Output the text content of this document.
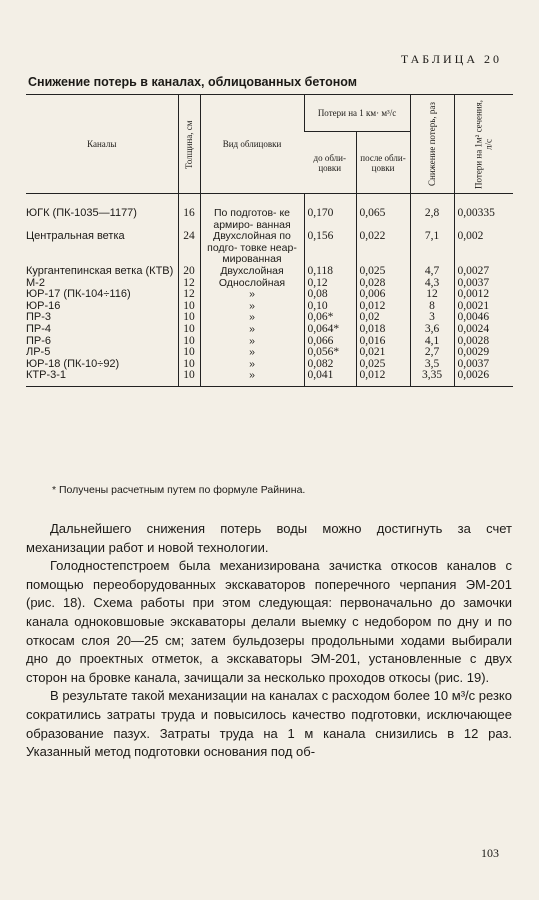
ТАБЛИЦА 20
Снижение потерь в каналах, облицованных бетоном
Каналы	Толщина, см	Вид облицовки	Потери на 1 км· м³/с		Снижение потерь, раз	Потери на 1м² сечения, л/с
			до обли- цовки	после обли- цовки		
ЮГК (ПК-1035—1177)	16	По подготов- ке армиро- ванная	0,170	0,065	2,8	0,00335
Центральная ветка	24	Двухслойная по подго- товке неар- мированная	0,156	0,022	7,1	0,002
Кургантепинская ветка (КТВ)	20	Двухслойная	0,118	0,025	4,7	0,0027
М-2	12	Однослойная	0,12	0,028	4,3	0,0037
ЮР-17 (ПК-104÷116)	12	»	0,08	0,006	12	0,0012
ЮР-16	10	»	0,10	0,012	8	0,0021
ПР-3	10	»	0,06*	0,02	3	0,0046
ПР-4	10	»	0,064*	0,018	3,6	0,0024
ПР-6	10	»	0,066	0,016	4,1	0,0028
ЛР-5	10	»	0,056*	0,021	2,7	0,0029
ЮР-18 (ПК-10÷92)	10	»	0,082	0,025	3,5	0,0037
КТР-3-1	10	»	0,041	0,012	3,35	0,0026
* Получены расчетным путем по формуле Райнина.

Дальнейшего снижения потерь воды можно достигнуть за счет механизации работ и новой технологии.

Голодностепстроем была механизирована зачистка откосов каналов с помощью переоборудованных экскаваторов поперечного черпания ЭМ-201 (рис. 18). Схема работы при этом следующая: первоначально до замочки канала одноковшовые экскаваторы делали выемку с недобором по дну и по откосам слоя 20—25 см; затем бульдозеры продольными ходами выбирали дно до проектных отметок, а экскаваторы ЭМ-201, установленные с двух сторон на бровке канала, зачищали за несколько проходов откосы (рис. 19).

В результате такой механизации на каналах с расходом более 10 м³/с резко сократились затраты труда и повысилось качество подготовки, исключающее образование пазух. Затраты труда на 1 м канала снизились в 12 раз. Указанный метод подготовки основания под об-

103
